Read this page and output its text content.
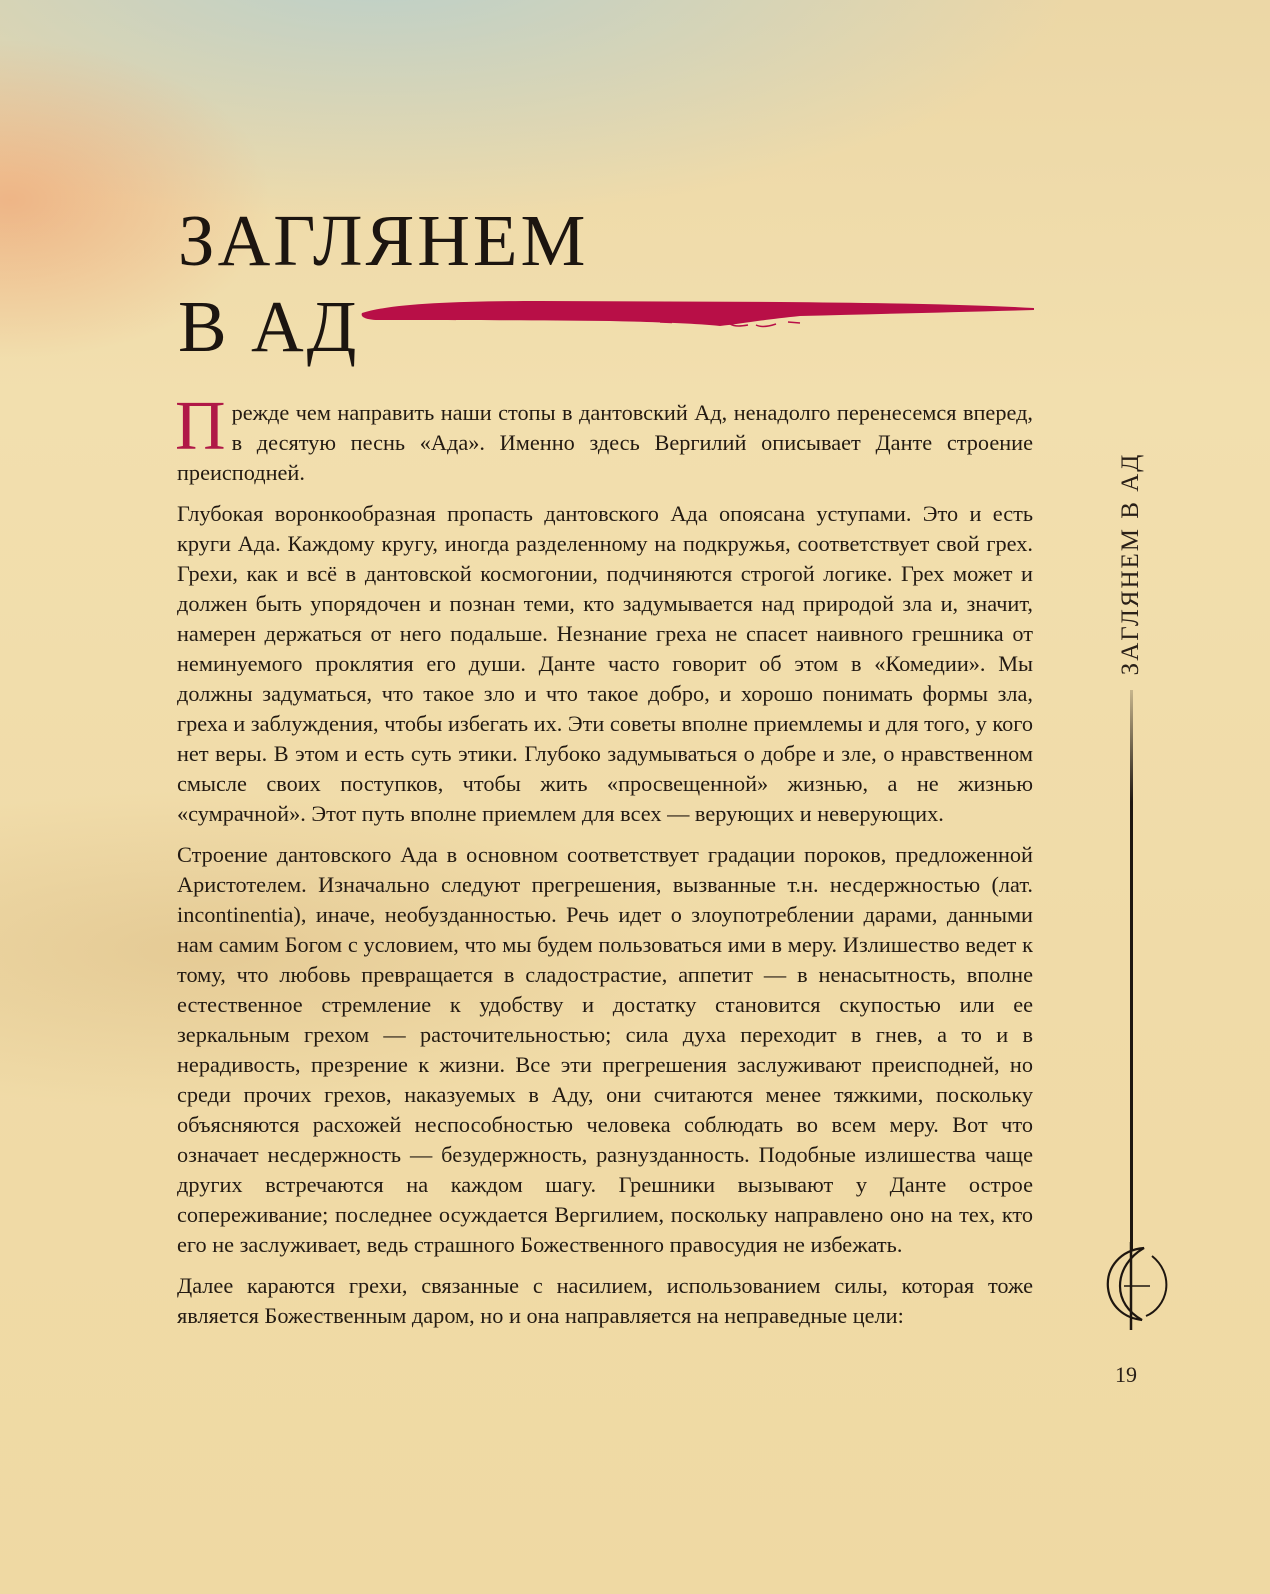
ЗАГЛЯНЕМ
В АД

Прежде чем направить наши стопы в дантовский Ад, ненадолго перенесемся вперед, в десятую песнь «Ада». Именно здесь Вергилий описывает Данте строение преисподней.

Глубокая воронкообразная пропасть дантовского Ада опоясана уступами. Это и есть круги Ада. Каждому кругу, иногда разделенному на подкружья, соответствует свой грех. Грехи, как и всё в дантовской космогонии, подчиняются строгой логике. Грех может и должен быть упорядочен и познан теми, кто задумывается над природой зла и, значит, намерен держаться от него подальше. Незнание греха не спасет наивного грешника от неминуемого проклятия его души. Данте часто говорит об этом в «Комедии». Мы должны задуматься, что такое зло и что такое добро, и хорошо понимать формы зла, греха и заблуждения, чтобы избегать их. Эти советы вполне приемлемы и для того, у кого нет веры. В этом и есть суть этики. Глубоко задумываться о добре и зле, о нравственном смысле своих поступков, чтобы жить «просвещенной» жизнью, а не жизнью «сумрачной». Этот путь вполне приемлем для всех — верующих и неверующих.

Строение дантовского Ада в основном соответствует градации пороков, предложенной Аристотелем. Изначально следуют прегрешения, вызванные т.н. несдержностью (лат. incontinentia), иначе, необузданностью. Речь идет о злоупотреблении дарами, данными нам самим Богом с условием, что мы будем пользоваться ими в меру. Излишество ведет к тому, что любовь превращается в сладострастие, аппетит — в ненасытность, вполне естественное стремление к удобству и достатку становится скупостью или ее зеркальным грехом — расточительностью; сила духа переходит в гнев, а то и в нерадивость, презрение к жизни. Все эти прегрешения заслуживают преисподней, но среди прочих грехов, наказуемых в Аду, они считаются менее тяжкими, поскольку объясняются расхожей неспособностью человека соблюдать во всем меру. Вот что означает несдержность — безудержность, разнузданность. Подобные излишества чаще других встречаются на каждом шагу. Грешники вызывают у Данте острое сопереживание; последнее осуждается Вергилием, поскольку направлено оно на тех, кто его не заслуживает, ведь страшного Божественного правосудия не избежать.

Далее караются грехи, связанные с насилием, использованием силы, которая тоже является Божественным даром, но и она направляется на неправедные цели:

ЗАГЛЯНЕМ В АД
19
